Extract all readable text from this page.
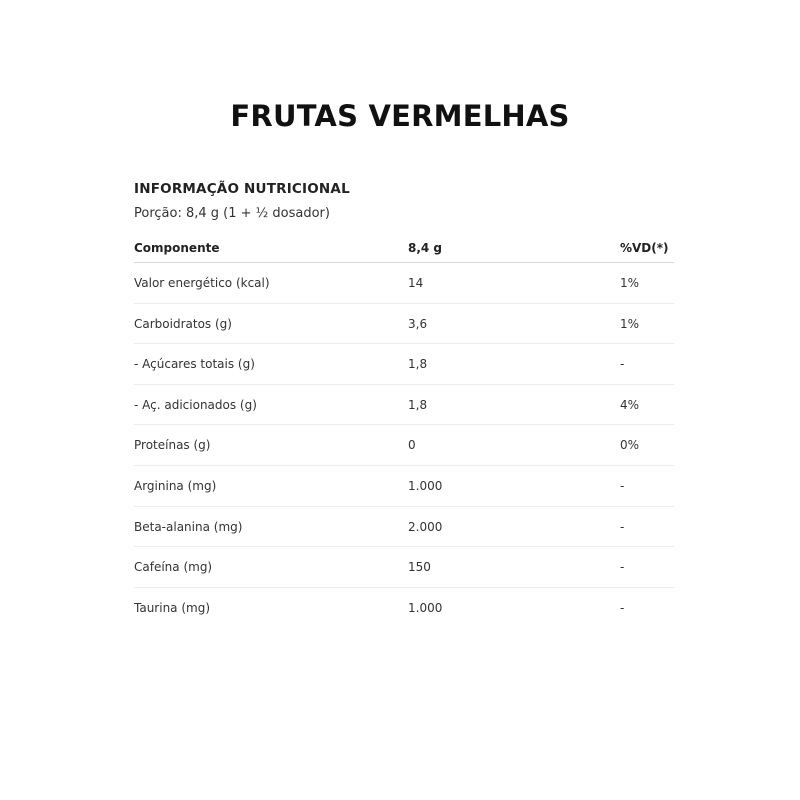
FRUTAS VERMELHAS
INFORMAÇÃO NUTRICIONAL
Porção: 8,4 g (1 + ½ dosador)
Componente	8,4 g	%VD(*)
Valor energético (kcal)	14	1%
Carboidratos (g)	3,6	1%
- Açúcares totais (g)	1,8	-
- Aç. adicionados (g)	1,8	4%
Proteínas (g)	0	0%
Arginina (mg)	1.000	-
Beta-alanina (mg)	2.000	-
Cafeína (mg)	150	-
Taurina (mg)	1.000	-
